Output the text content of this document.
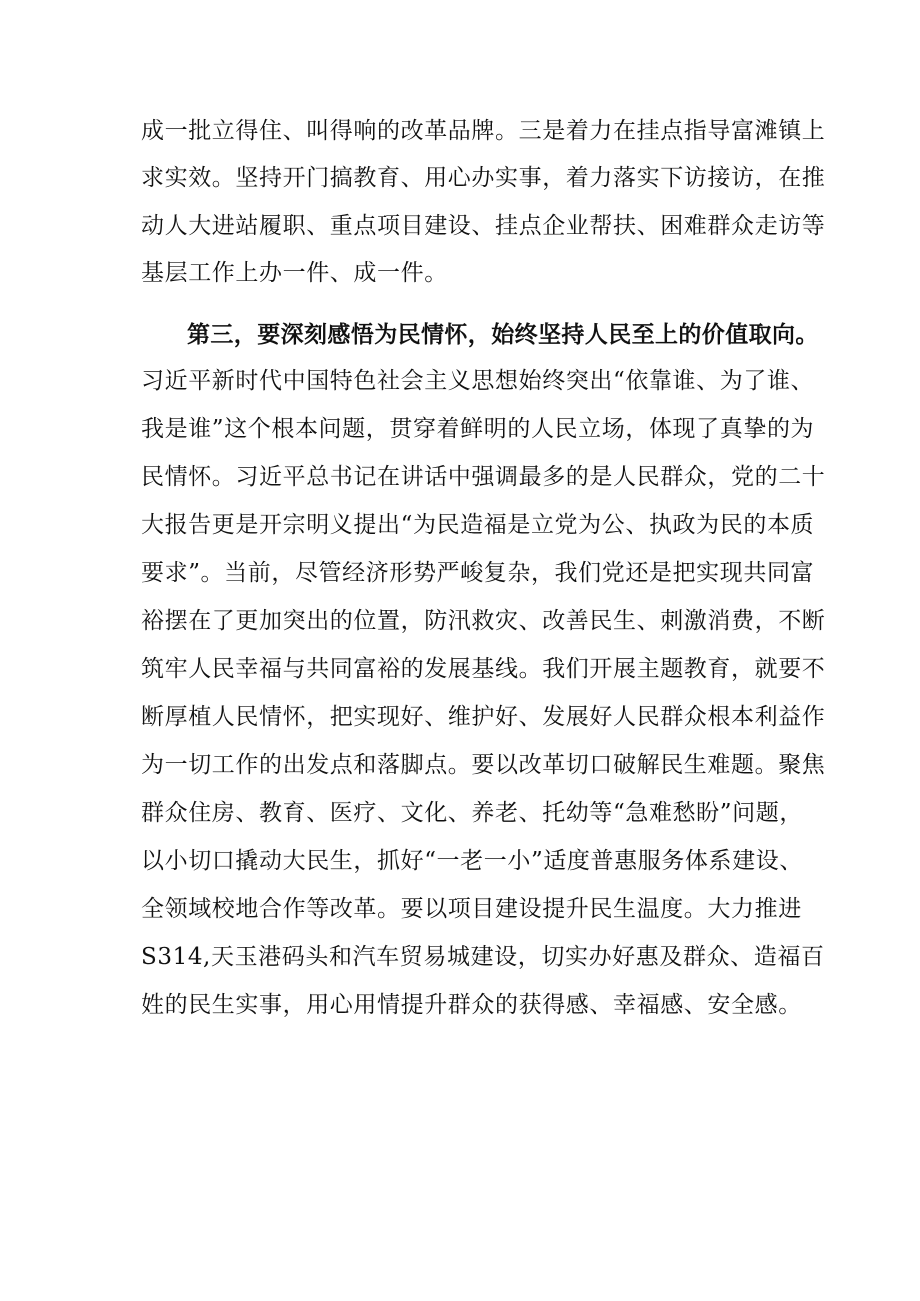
成一批立得住、叫得响的改革品牌。三是着力在挂点指导富滩镇上
求实效。坚持开门搞教育、用心办实事，着力落实下访接访，在推
动人大进站履职、重点项目建设、挂点企业帮扶、困难群众走访等
基层工作上办一件、成一件。
第三，要深刻感悟为民情怀，始终坚持人民至上的价值取向。
习近平新时代中国特色社会主义思想始终突出“依靠谁、为了谁、
我是谁”这个根本问题，贯穿着鲜明的人民立场，体现了真挚的为
民情怀。习近平总书记在讲话中强调最多的是人民群众，党的二十
大报告更是开宗明义提出“为民造福是立党为公、执政为民的本质
要求”。当前，尽管经济形势严峻复杂，我们党还是把实现共同富
裕摆在了更加突出的位置，防汛救灾、改善民生、刺激消费，不断
筑牢人民幸福与共同富裕的发展基线。我们开展主题教育，就要不
断厚植人民情怀，把实现好、维护好、发展好人民群众根本利益作
为一切工作的出发点和落脚点。要以改革切口破解民生难题。聚焦
群众住房、教育、医疗、文化、养老、托幼等“急难愁盼”问题，
以小切口撬动大民生，抓好“一老一小”适度普惠服务体系建设、
全领域校地合作等改革。要以项目建设提升民生温度。大力推进
S314,天玉港码头和汽车贸易城建设，切实办好惠及群众、造福百
姓的民生实事，用心用情提升群众的获得感、幸福感、安全感。
